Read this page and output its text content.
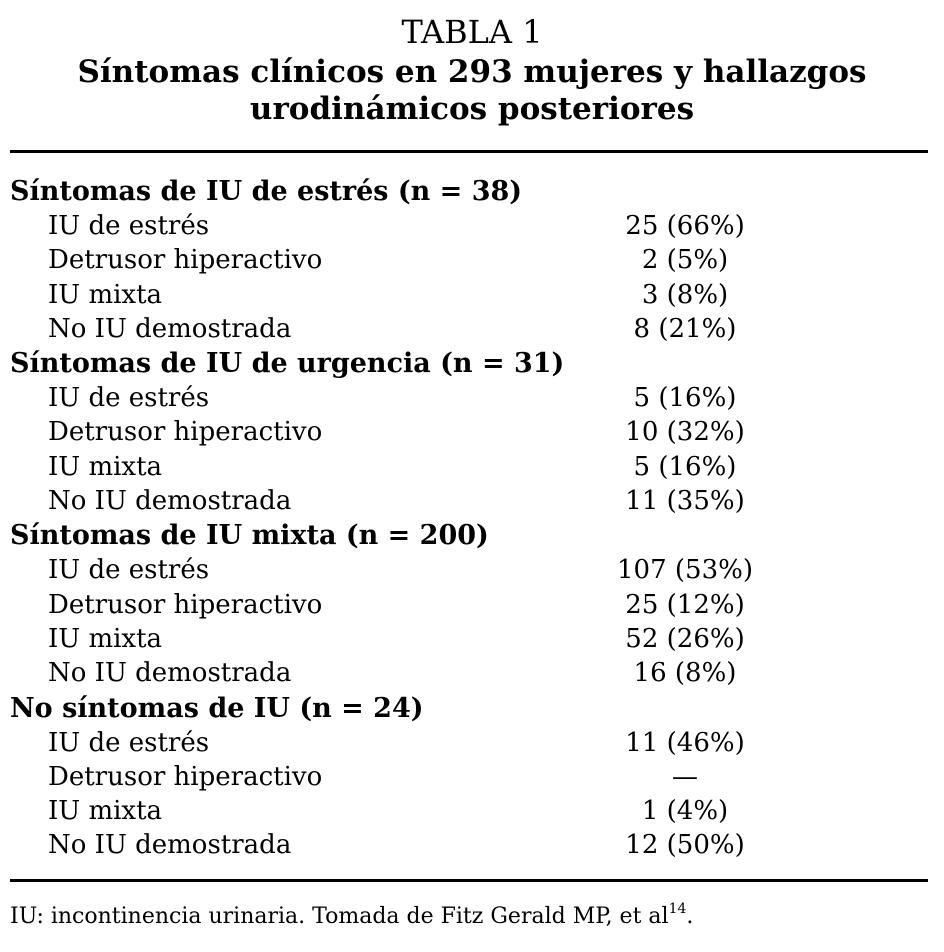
TABLA 1
Síntomas clínicos en 293 mujeres y hallazgos
urodinámicos posteriores
Síntomas de IU de estrés (n = 38)
IU de estrés	25 (66%)
Detrusor hiperactivo	2 (5%)
IU mixta	3 (8%)
No IU demostrada	8 (21%)
Síntomas de IU de urgencia (n = 31)
IU de estrés	5 (16%)
Detrusor hiperactivo	10 (32%)
IU mixta	5 (16%)
No IU demostrada	11 (35%)
Síntomas de IU mixta (n = 200)
IU de estrés	107 (53%)
Detrusor hiperactivo	25 (12%)
IU mixta	52 (26%)
No IU demostrada	16 (8%)
No síntomas de IU (n = 24)
IU de estrés	11 (46%)
Detrusor hiperactivo	—
IU mixta	1 (4%)
No IU demostrada	12 (50%)
IU: incontinencia urinaria. Tomada de Fitz Gerald MP, et $al^{14}$.
